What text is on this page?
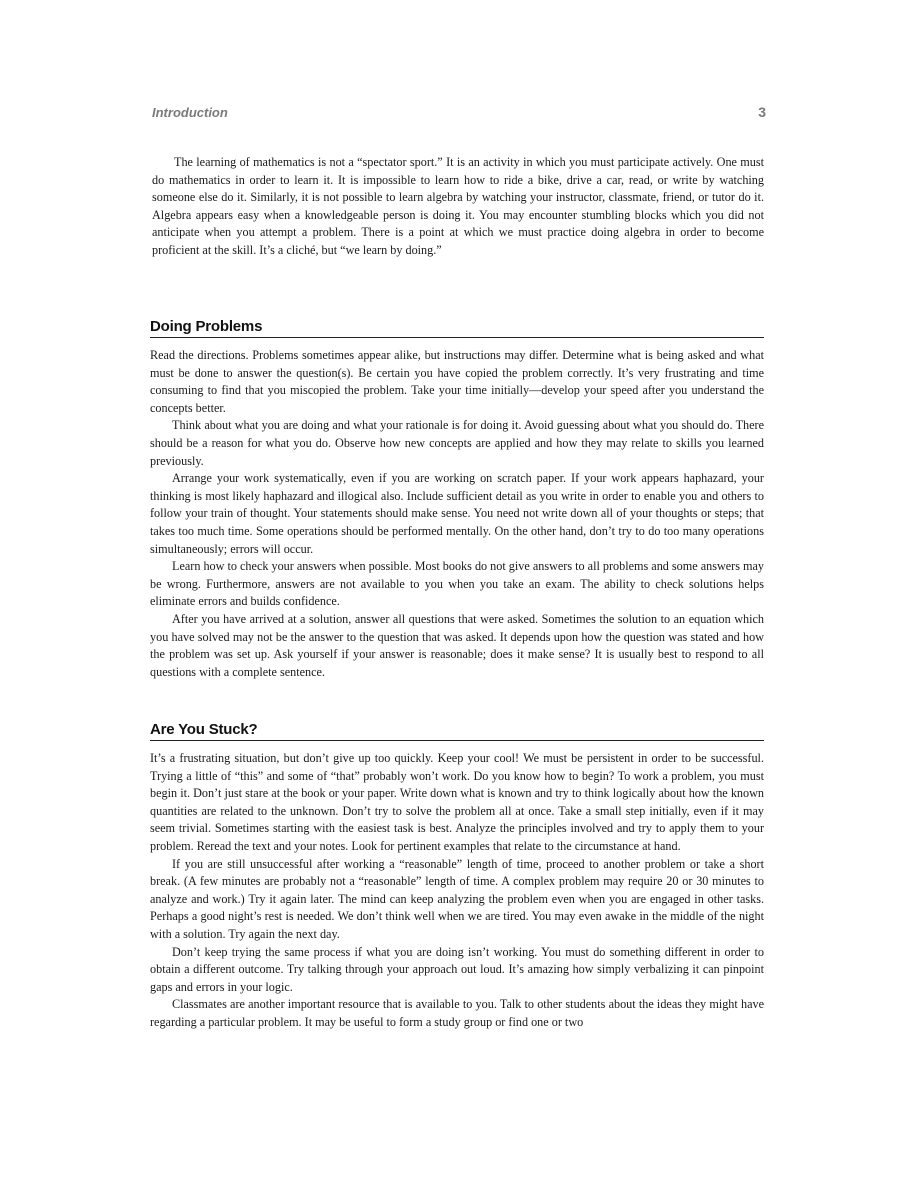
Introduction	3

The learning of mathematics is not a “spectator sport.” It is an activity in which you must participate actively. One must do mathematics in order to learn it. It is impossible to learn how to ride a bike, drive a car, read, or write by watching someone else do it. Similarly, it is not possible to learn algebra by watching your instructor, classmate, friend, or tutor do it. Algebra appears easy when a knowledgeable person is doing it. You may encounter stumbling blocks which you did not anticipate when you attempt a problem. There is a point at which we must practice doing algebra in order to become proficient at the skill. It’s a cliché, but “we learn by doing.”

Doing Problems

Read the directions. Problems sometimes appear alike, but instructions may differ. Determine what is being asked and what must be done to answer the question(s). Be certain you have copied the problem correctly. It’s very frustrating and time consuming to find that you miscopied the problem. Take your time initially—develop your speed after you understand the concepts better.

Think about what you are doing and what your rationale is for doing it. Avoid guessing about what you should do. There should be a reason for what you do. Observe how new concepts are applied and how they may relate to skills you learned previously.

Arrange your work systematically, even if you are working on scratch paper. If your work appears haphazard, your thinking is most likely haphazard and illogical also. Include sufficient detail as you write in order to enable you and others to follow your train of thought. Your statements should make sense. You need not write down all of your thoughts or steps; that takes too much time. Some operations should be performed mentally. On the other hand, don’t try to do too many operations simultaneously; errors will occur.

Learn how to check your answers when possible. Most books do not give answers to all problems and some answers may be wrong. Furthermore, answers are not available to you when you take an exam. The ability to check solutions helps eliminate errors and builds confidence.

After you have arrived at a solution, answer all questions that were asked. Sometimes the solution to an equation which you have solved may not be the answer to the question that was asked. It depends upon how the question was stated and how the problem was set up. Ask yourself if your answer is reasonable; does it make sense? It is usually best to respond to all questions with a complete sentence.

Are You Stuck?

It’s a frustrating situation, but don’t give up too quickly. Keep your cool! We must be persistent in order to be successful. Trying a little of “this” and some of “that” probably won’t work. Do you know how to begin? To work a problem, you must begin it. Don’t just stare at the book or your paper. Write down what is known and try to think logically about how the known quantities are related to the unknown. Don’t try to solve the problem all at once. Take a small step initially, even if it may seem trivial. Sometimes starting with the easiest task is best. Analyze the principles involved and try to apply them to your problem. Reread the text and your notes. Look for pertinent examples that relate to the circumstance at hand.

If you are still unsuccessful after working a “reasonable” length of time, proceed to another problem or take a short break. (A few minutes are probably not a “reasonable” length of time. A complex problem may require 20 or 30 minutes to analyze and work.) Try it again later. The mind can keep analyzing the problem even when you are engaged in other tasks. Perhaps a good night’s rest is needed. We don’t think well when we are tired. You may even awake in the middle of the night with a solution. Try again the next day.

Don’t keep trying the same process if what you are doing isn’t working. You must do something different in order to obtain a different outcome. Try talking through your approach out loud. It’s amazing how simply verbalizing it can pinpoint gaps and errors in your logic.

Classmates are another important resource that is available to you. Talk to other students about the ideas they might have regarding a particular problem. It may be useful to form a study group or find one or two
